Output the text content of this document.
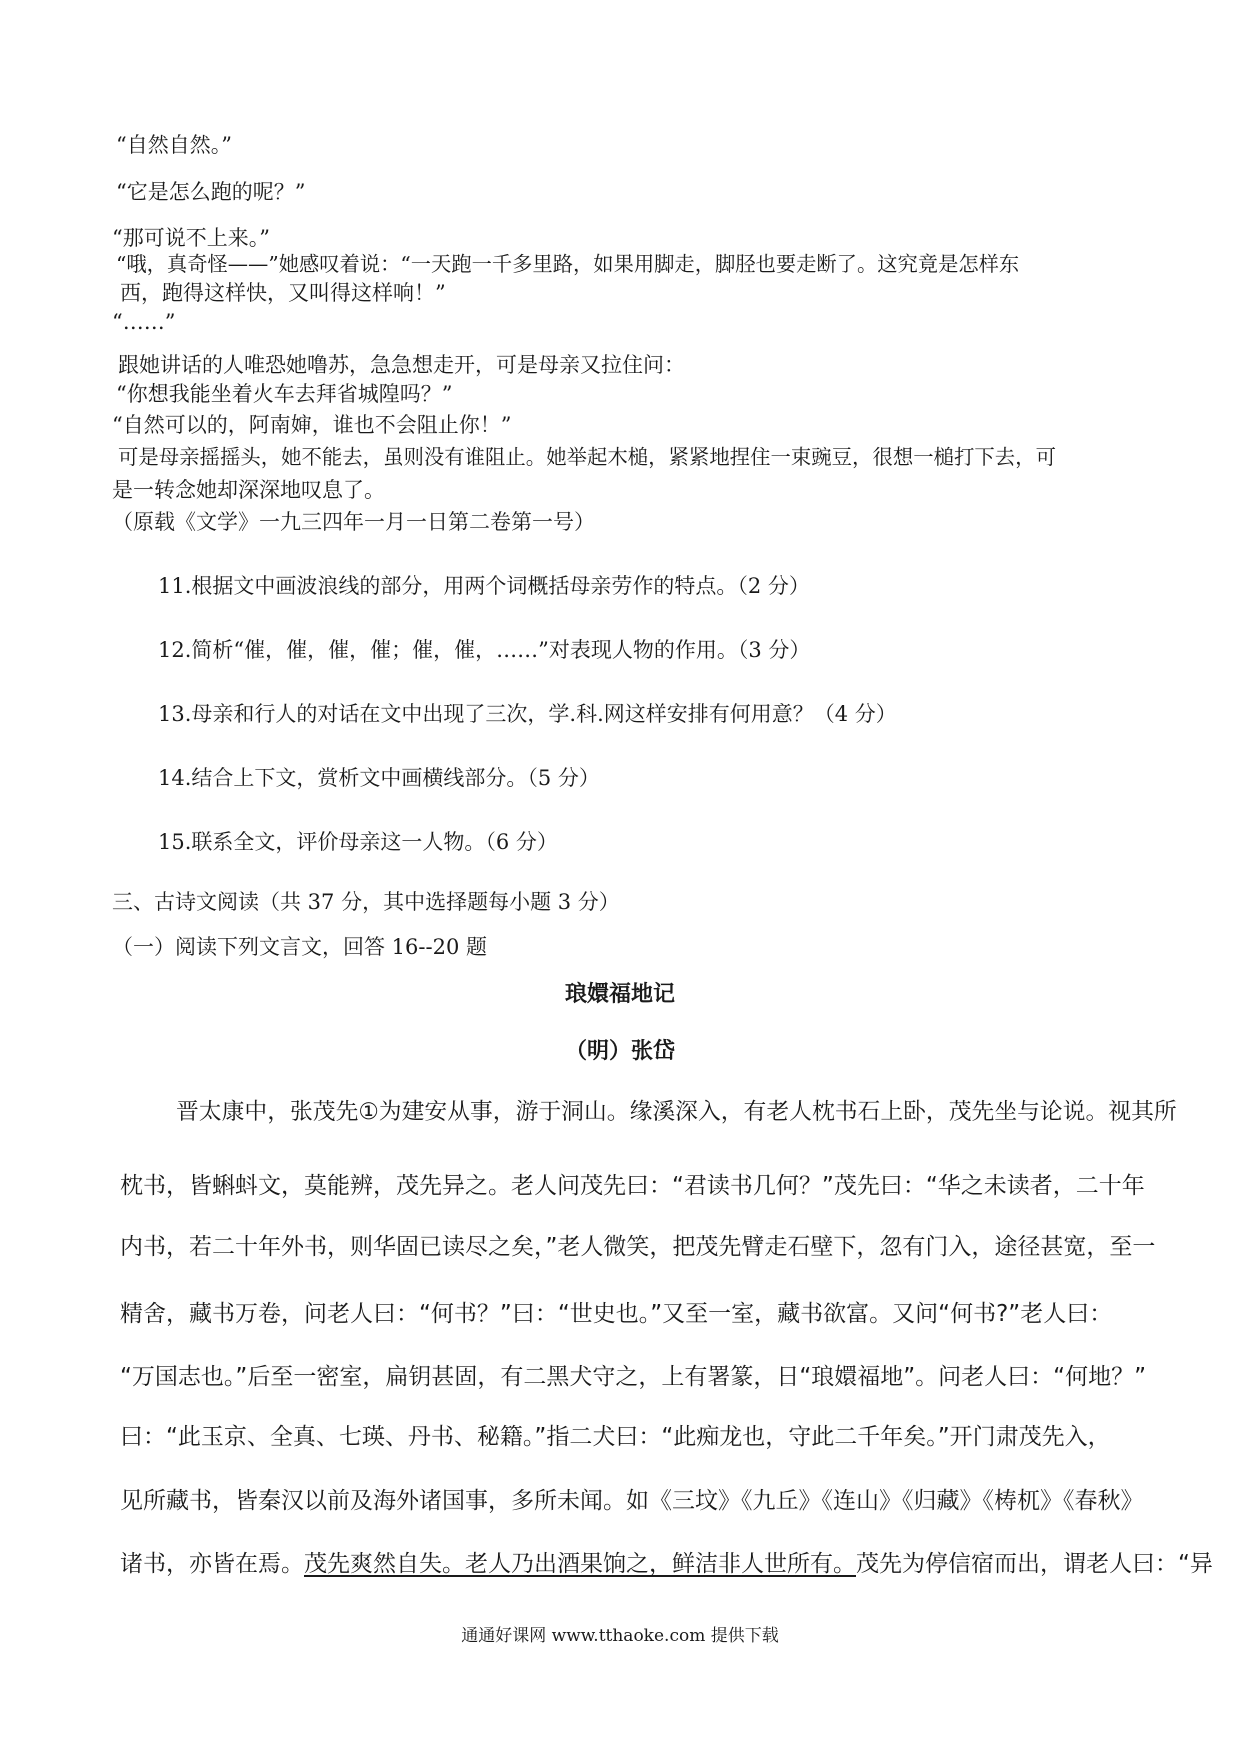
“自然自然。”
“它是怎么跑的呢？”
“那可说不上来。”
“哦，真奇怪——”她感叹着说：“一天跑一千多里路，如果用脚走，脚胫也要走断了。这究竟是怎样东
西，跑得这样快，又叫得这样响！”
“……”
跟她讲话的人唯恐她噜苏，急急想走开，可是母亲又拉住问：
“你想我能坐着火车去拜省城隍吗？”
“自然可以的，阿南婶，谁也不会阻止你！”
可是母亲摇摇头，她不能去，虽则没有谁阻止。她举起木槌，紧紧地捏住一束豌豆，很想一槌打下去，可
是一转念她却深深地叹息了。
（原载《文学》一九三四年一月一日第二卷第一号）
11.根据文中画波浪线的部分，用两个词概括母亲劳作的特点。（2 分）
12.简析“催，催，催，催；催，催，……”对表现人物的作用。（3 分）
13.母亲和行人的对话在文中出现了三次，学.科.网这样安排有何用意？（4 分）
14.结合上下文，赏析文中画横线部分。（5 分）
15.联系全文，评价母亲这一人物。（6 分）
三、古诗文阅读（共 37 分，其中选择题每小题 3 分）
（一）阅读下列文言文，回答 16--20 题
琅嬛福地记
（明）张岱
晋太康中，张茂先①为建安从事，游于洞山。缘溪深入，有老人枕书石上卧，茂先坐与论说。视其所
枕书，皆蝌蚪文，莫能辨，茂先异之。老人问茂先曰：“君读书几何？”茂先曰：“华之未读者，二十年
内书，若二十年外书，则华固已读尽之矣，”老人微笑，把茂先臂走石壁下，忽有门入，途径甚宽，至一
精舍，藏书万卷，问老人曰：“何书？”曰：“世史也。”又至一室，藏书欲富。又问“何书?”老人曰：
“万国志也。”后至一密室，扁钥甚固，有二黑犬守之，上有署篆，日“琅嬛福地”。问老人曰：“何地？”
曰：“此玉京、全真、七瑛、丹书、秘籍。”指二犬曰：“此痴龙也，守此二千年矣。”开门肃茂先入，
见所藏书，皆秦汉以前及海外诸国事，多所未闻。如《三坟》《九丘》《连山》《归藏》《梼杌》《春秋》
诸书，亦皆在焉。茂先爽然自失。老人乃出酒果饷之，鲜洁非人世所有。茂先为停信宿而出，谓老人曰：“异
通通好课网 www.tthaoke.com 提供下载
